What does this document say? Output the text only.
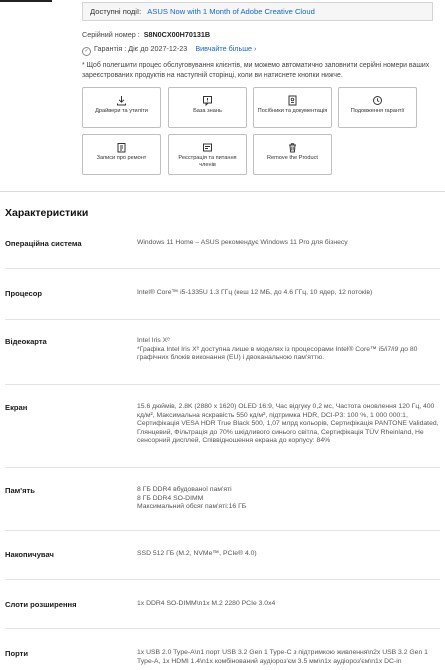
Доступні події: ASUS Now with 1 Month of Adobe Creative Cloud
Серійний номер : S8N0CX00H70131B
✓ Гарантія : Діє до 2027-12-23 Вивчайте більше ›
* Щоб полегшити процес обслуговування клієнтів, ми можемо автоматично заповнити серійні номери ваших зареєстрованих продуктів на наступній сторінці, коли ви натиснете кнопки нижче.
Драйвери та утиліти	База знань	Посібники та документація	Подовження гарантії
Записи про ремонт	Реєстрація та питання членів
Remove the Product
Характеристики
Операційна система	Windows 11 Home – ASUS рекомендує Windows 11 Pro для бізнесу
Процесор	Intel® Core™ i5-1335U 1.3 ГГц (кеш 12 МБ, до 4.6 ГГц, 10 ядер, 12 потоків)
Відеокарта	Intel Iris Xᵉ
*Графіка Intel Iris Xᵉ доступна лише в моделях із процесорами Intel® Core™ i5/i7/i9 до 80 графічних блоків виконання (EU) і двоканальною пам'яттю.
Екран	15.6 дюймів, 2.8K (2880 x 1620) OLED 16:9, Час відгуку 0,2 мс, Частота оновлення 120 Гц, 400 кд/м², Максимальна яскравість 550 кд/м², підтримка HDR, DCI-P3: 100 %, 1 000 000:1, Сертифікація VESA HDR True Black 500, 1,07 млрд кольорів, Сертифікація PANTONE Validated, Глянцевий, Фільтрація до 70% шкідливого синього світла, Сертифікація TÜV Rheinland, Не сенсорний дисплей, Співвідношення екрана до корпусу: 84%
Пам'ять	8 ГБ DDR4 вбудованої пам'яті
8 ГБ DDR4 SO-DIMM
Максимальний обсяг пам'яті:16 ГБ
Накопичувач	SSD 512 ГБ (M.2, NVMe™, PCIe® 4.0)
Слоти розширення	1x DDR4 SO-DIMM\n1x M.2 2280 PCIe 3.0x4
Порти	1x USB 2.0 Type-A\n1 порт USB 3.2 Gen 1 Type-C з підтримкою живлення\n2x USB 3.2 Gen 1 Type-A, 1x HDMI 1.4\n1x комбінований аудіороз'єм 3.5 мм\n1x аудіороз'єм\n1x DC-in
